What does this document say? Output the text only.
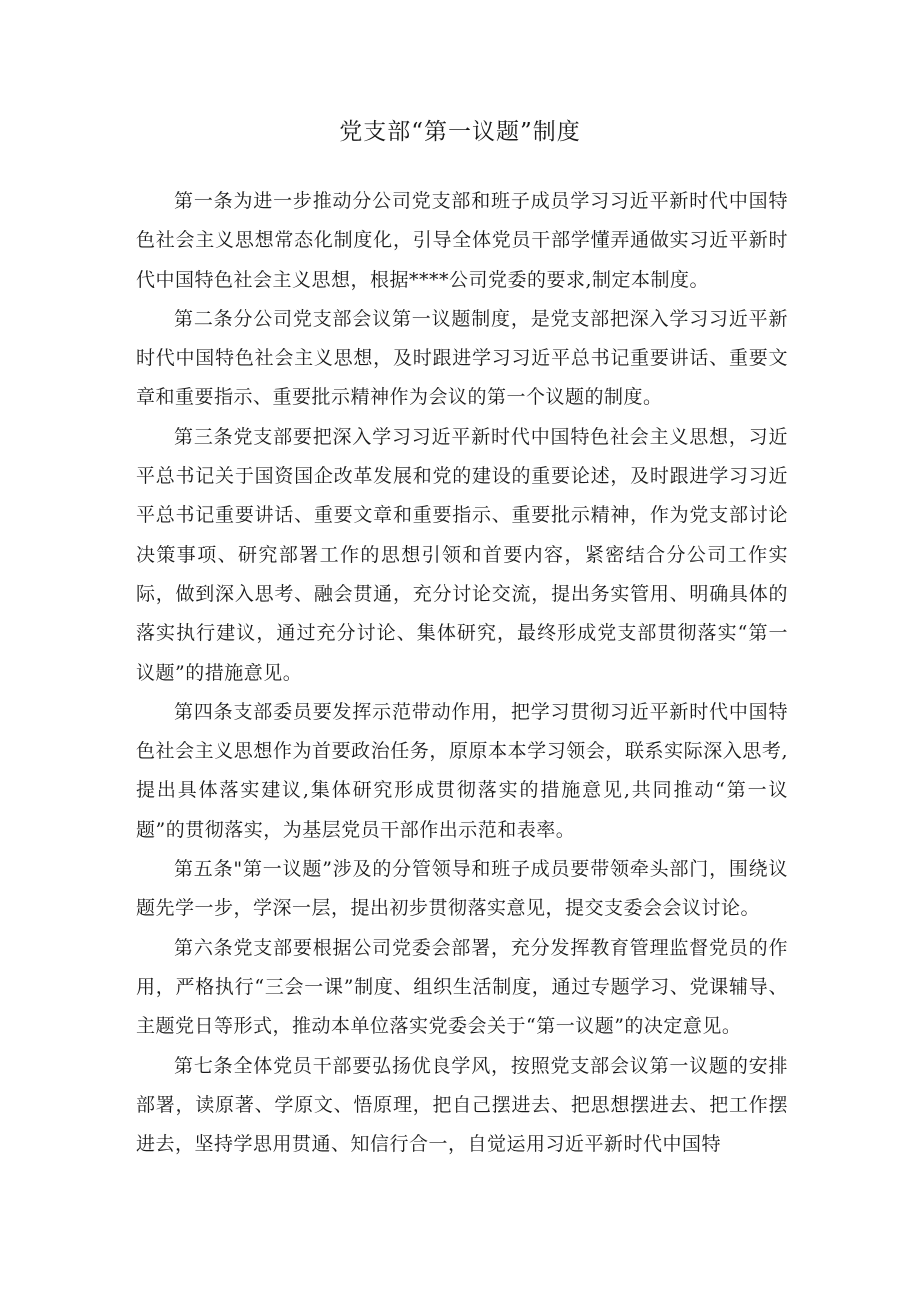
党支部“第一议题”制度

第一条为进一步推动分公司党支部和班子成员学习习近平新时代中国特色社会主义思想常态化制度化，引导全体党员干部学懂弄通做实习近平新时代中国特色社会主义思想，根据****公司党委的要求,制定本制度。

第二条分公司党支部会议第一议题制度，是党支部把深入学习习近平新时代中国特色社会主义思想，及时跟进学习习近平总书记重要讲话、重要文章和重要指示、重要批示精神作为会议的第一个议题的制度。

第三条党支部要把深入学习习近平新时代中国特色社会主义思想，习近平总书记关于国资国企改革发展和党的建设的重要论述，及时跟进学习习近平总书记重要讲话、重要文章和重要指示、重要批示精神，作为党支部讨论决策事项、研究部署工作的思想引领和首要内容，紧密结合分公司工作实际，做到深入思考、融会贯通，充分讨论交流，提出务实管用、明确具体的落实执行建议，通过充分讨论、集体研究，最终形成党支部贯彻落实“第一议题”的措施意见。

第四条支部委员要发挥示范带动作用，把学习贯彻习近平新时代中国特色社会主义思想作为首要政治任务，原原本本学习领会，联系实际深入思考,提出具体落实建议,集体研究形成贯彻落实的措施意见,共同推动“第一议题”的贯彻落实，为基层党员干部作出示范和表率。

第五条"第一议题”涉及的分管领导和班子成员要带领牵头部门，围绕议题先学一步，学深一层，提出初步贯彻落实意见，提交支委会会议讨论。

第六条党支部要根据公司党委会部署，充分发挥教育管理监督党员的作用，严格执行“三会一课”制度、组织生活制度，通过专题学习、党课辅导、主题党日等形式，推动本单位落实党委会关于“第一议题”的决定意见。

第七条全体党员干部要弘扬优良学风，按照党支部会议第一议题的安排部署，读原著、学原文、悟原理，把自己摆进去、把思想摆进去、把工作摆进去，坚持学思用贯通、知信行合一，自觉运用习近平新时代中国特
